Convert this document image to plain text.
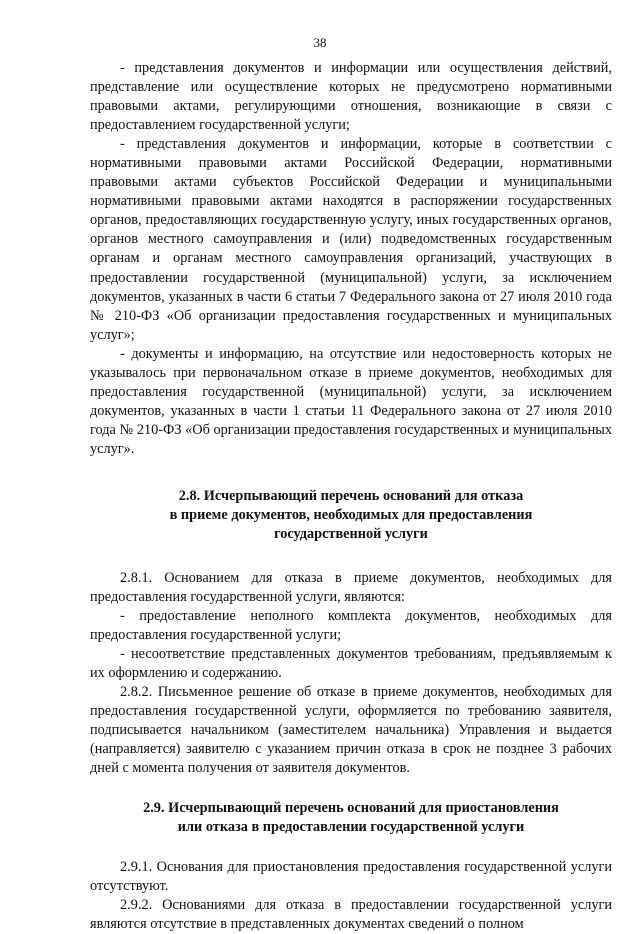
38

- представления документов и информации или осуществления действий, представление или осуществление которых не предусмотрено нормативными правовыми актами, регулирующими отношения, возникающие в связи с предоставлением государственной услуги;

- представления документов и информации, которые в соответствии с нормативными правовыми актами Российской Федерации, нормативными правовыми актами субъектов Российской Федерации и муниципальными нормативными правовыми актами находятся в распоряжении государственных органов, предоставляющих государственную услугу, иных государственных органов, органов местного самоуправления и (или) подведомственных государственным органам и органам местного самоуправления организаций, участвующих в предоставлении государственной (муниципальной) услуги, за исключением документов, указанных в части 6 статьи 7 Федерального закона от 27 июля 2010 года № 210-ФЗ «Об организации предоставления государственных и муниципальных услуг»;

- документы и информацию, на отсутствие или недостоверность которых не указывалось при первоначальном отказе в приеме документов, необходимых для предоставления государственной (муниципальной) услуги, за исключением документов, указанных в части 1 статьи 11 Федерального закона от 27 июля 2010 года № 210-ФЗ «Об организации предоставления государственных и муниципальных услуг».

2.8. Исчерпывающий перечень оснований для отказа
в приеме документов, необходимых для предоставления
государственной услуги

2.8.1. Основанием для отказа в приеме документов, необходимых для предоставления государственной услуги, являются:

- предоставление неполного комплекта документов, необходимых для предоставления государственной услуги;

- несоответствие представленных документов требованиям, предъявляемым к их оформлению и содержанию.

2.8.2. Письменное решение об отказе в приеме документов, необходимых для предоставления государственной услуги, оформляется по требованию заявителя, подписывается начальником (заместителем начальника) Управления и выдается (направляется) заявителю с указанием причин отказа в срок не позднее 3 рабочих дней с момента получения от заявителя документов.

2.9. Исчерпывающий перечень оснований для приостановления
или отказа в предоставлении государственной услуги

2.9.1. Основания для приостановления предоставления государственной услуги отсутствуют.

2.9.2. Основаниями для отказа в предоставлении государственной услуги являются отсутствие в представленных документах сведений о полном
